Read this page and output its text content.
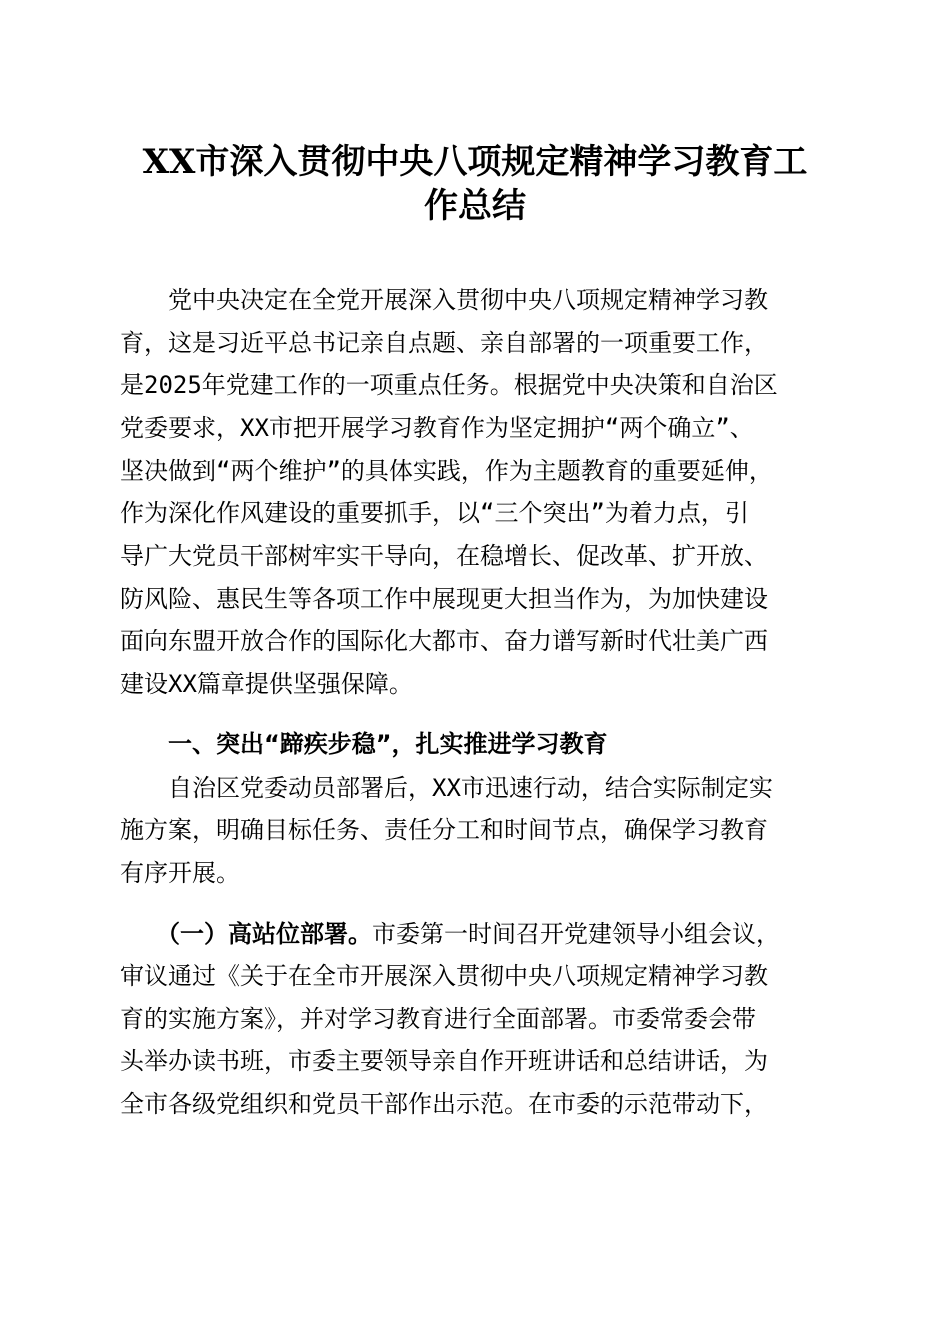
XX市深入贯彻中央八项规定精神学习教育工
作总结

　　党中央决定在全党开展深入贯彻中央八项规定精神学习教

育，这是习近平总书记亲自点题、亲自部署的一项重要工作，

是2025年党建工作的一项重点任务。根据党中央决策和自治区

党委要求，XX市把开展学习教育作为坚定拥护“两个确立”、

坚决做到“两个维护”的具体实践，作为主题教育的重要延伸，

作为深化作风建设的重要抓手，以“三个突出”为着力点，引

导广大党员干部树牢实干导向，在稳增长、促改革、扩开放、

防风险、惠民生等各项工作中展现更大担当作为，为加快建设

面向东盟开放合作的国际化大都市、奋力谱写新时代壮美广西

建设XX篇章提供坚强保障。

　　一、突出“蹄疾步稳”，扎实推进学习教育

　　自治区党委动员部署后，XX市迅速行动，结合实际制定实

施方案，明确目标任务、责任分工和时间节点，确保学习教育

有序开展。

　　（一）高站位部署。市委第一时间召开党建领导小组会议，

审议通过《关于在全市开展深入贯彻中央八项规定精神学习教

育的实施方案》，并对学习教育进行全面部署。市委常委会带

头举办读书班，市委主要领导亲自作开班讲话和总结讲话，为

全市各级党组织和党员干部作出示范。在市委的示范带动下，
